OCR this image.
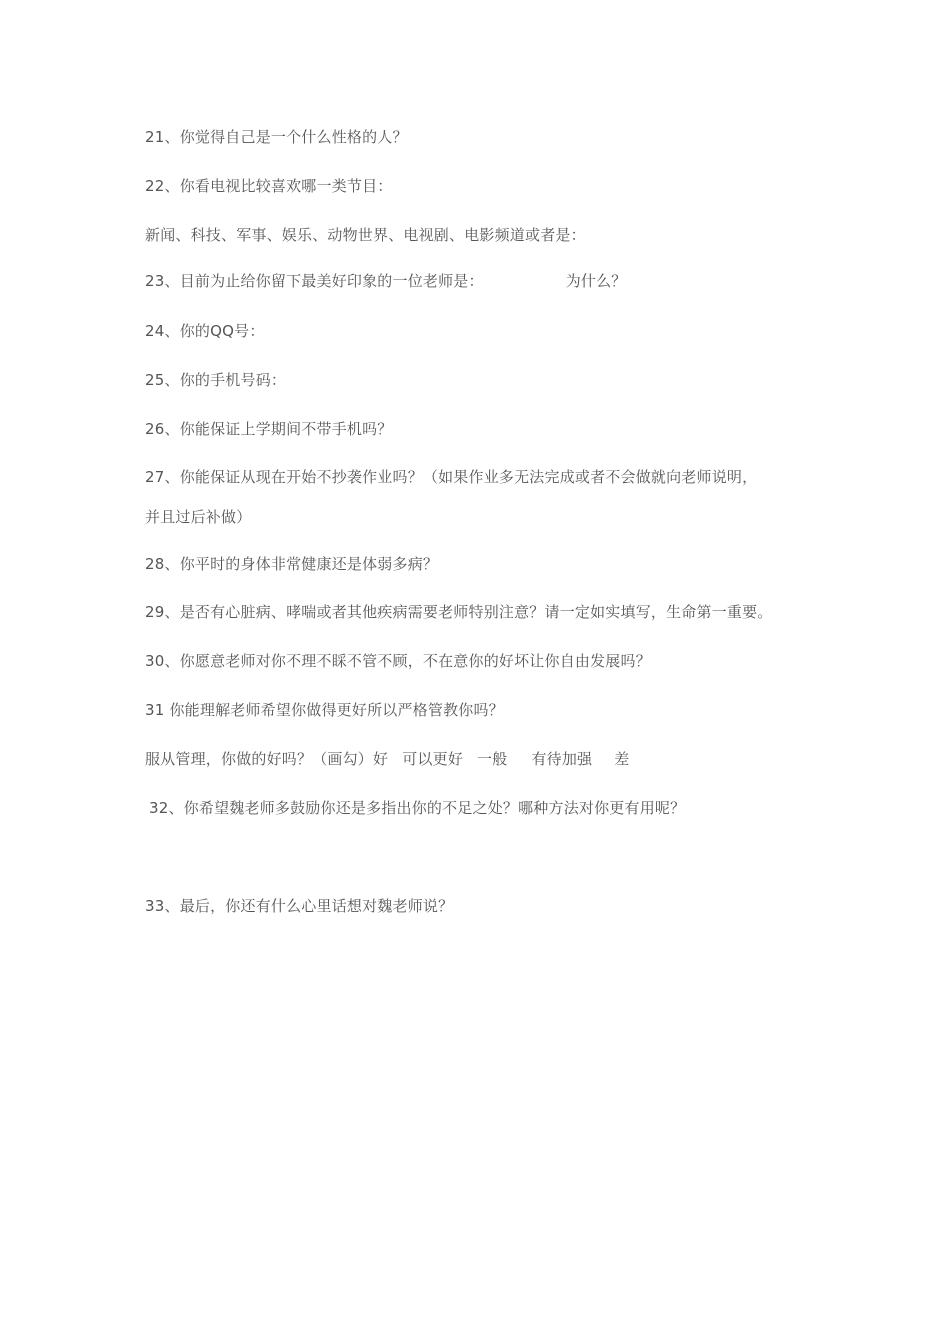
21、你觉得自己是一个什么性格的人？
22、你看电视比较喜欢哪一类节目：
新闻、科技、军事、娱乐、动物世界、电视剧、电影频道或者是：
23、目前为止给你留下最美好印象的一位老师是：	为什么？
24、你的QQ号：
25、你的手机号码：
26、你能保证上学期间不带手机吗？
27、你能保证从现在开始不抄袭作业吗？（如果作业多无法完成或者不会做就向老师说明，
并且过后补做）
28、你平时的身体非常健康还是体弱多病？
29、是否有心脏病、哮喘或者其他疾病需要老师特别注意？请一定如实填写，生命第一重要。
30、你愿意老师对你不理不睬不管不顾，不在意你的好坏让你自由发展吗？
31 你能理解老师希望你做得更好所以严格管教你吗？
服从管理，你做的好吗？（画勾）好 可以更好 一般 有待加强 差
32、你希望魏老师多鼓励你还是多指出你的不足之处？哪种方法对你更有用呢？
33、最后，你还有什么心里话想对魏老师说？
